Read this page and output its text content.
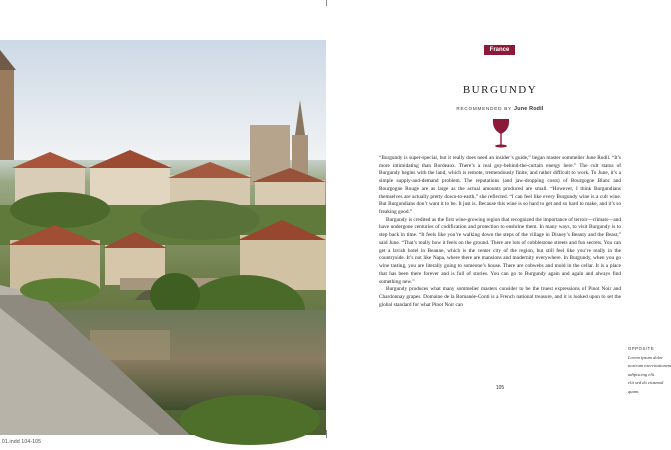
01.indd 104-105
France
BURGUNDY
RECOMMENDED BY June Rodil

“Burgundy is super-special, but it really does need an insider’s guide,” began master sommelier June Rodil. “It’s more intimidating than Bordeaux. There’s a real guy-behind-the-curtain energy here.” The cult status of Burgundy begins with the land, which is remote, tremendously finite, and rather difficult to work. To June, it’s a simple supply-and-demand problem. The reputations (and jaw-dropping costs) of Bourgogne Blanc and Bourgogne Rouge are as large as the actual amounts produced are small. “However, I think Burgundians themselves are actually pretty down-to-earth,” she reflected. “I can feel like every Burgundy wine is a cult wine. But Burgundians don’t want it to be. It just is. Because this wine is so hard to get and so hard to make, and it’s so freaking good.”

Burgundy is credited as the first wine-growing region that recognized the importance of terroir—climats—and have undergone centuries of codification and protection to enshrine them. In many ways, to visit Burgundy is to step back in time. “It feels like you’re walking down the steps of the village in Disney’s Beauty and the Beast,” said June. “That’s really how it feels on the ground. There are lots of cobblestone streets and fun secrets. You can get a lavish hotel in Beaune, which is the center city of the region, but still feel like you’re really in the countryside. It’s not like Napa, where there are mansions and modernity everywhere. In Burgundy, when you go wine tasting, you are literally going to someone’s house. There are cobwebs and mold in the cellar. It is a place that has been there forever and is full of stories. You can go to Burgundy again and again and always find something new.”

Burgundy produces what many sommelier masters consider to be the truest expressions of Pinot Noir and Chardonnay grapes. Domaine de la Romanée-Conti is a French national treasure, and it is looked upon to set the global standard for what Pinot Noir can

105
OPPOSITE
Lorem ipsum dolor
nostrum exercitationem
adipiscing elit
elit sed do eiusmod
quam.
